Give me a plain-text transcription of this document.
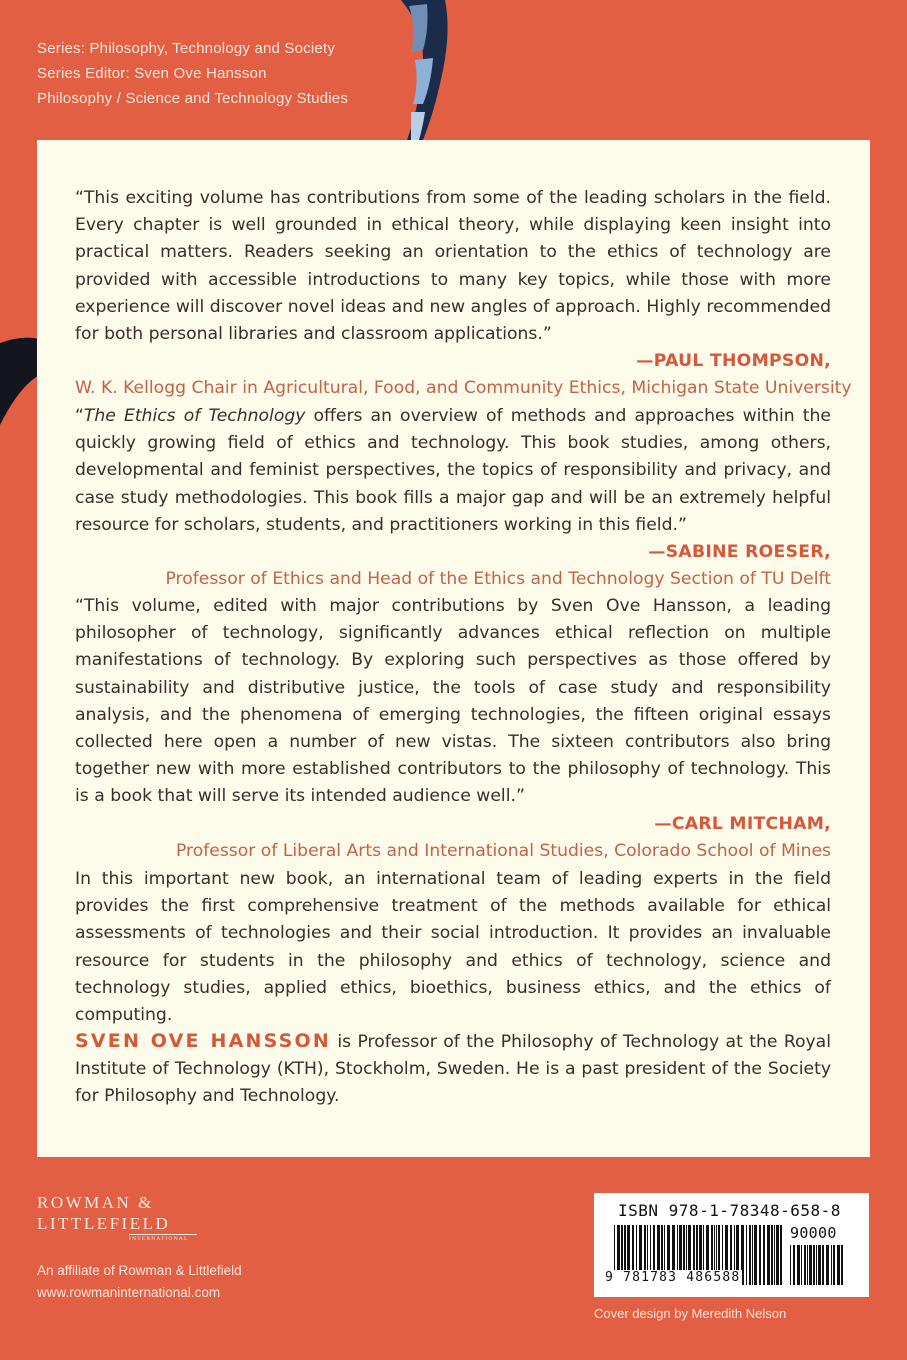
Series: Philosophy, Technology and Society
Series Editor: Sven Ove Hansson
Philosophy / Science and Technology Studies
“This exciting volume has contributions from some of the leading scholars in the field. Every chapter is well grounded in ethical theory, while displaying keen insight into practical matters. Readers seeking an orientation to the ethics of technology are provided with accessible introductions to many key topics, while those with more experience will discover novel ideas and new angles of approach. Highly recommended for both personal libraries and classroom applications.”
—PAUL THOMPSON,
W. K. Kellogg Chair in Agricultural, Food, and Community Ethics, Michigan State University
“The Ethics of Technology offers an overview of methods and approaches within the quickly growing field of ethics and technology. This book studies, among others, developmental and feminist perspectives, the topics of responsibility and privacy, and case study methodologies. This book fills a major gap and will be an extremely helpful resource for scholars, students, and practitioners working in this field.”
—SABINE ROESER,
Professor of Ethics and Head of the Ethics and Technology Section of TU Delft
“This volume, edited with major contributions by Sven Ove Hansson, a leading philosopher of technology, significantly advances ethical reflection on multiple manifestations of technology. By exploring such perspectives as those offered by sustainability and distributive justice, the tools of case study and responsibility analysis, and the phenomena of emerging technologies, the fifteen original essays collected here open a number of new vistas. The sixteen contributors also bring together new with more established contributors to the philosophy of technology. This is a book that will serve its intended audience well.”
—CARL MITCHAM,
Professor of Liberal Arts and International Studies, Colorado School of Mines
In this important new book, an international team of leading experts in the field provides the first comprehensive treatment of the methods available for ethical assessments of technologies and their social introduction. It provides an invaluable resource for students in the philosophy and ethics of technology, science and technology studies, applied ethics, bioethics, business ethics, and the ethics of computing.
SVEN OVE HANSSON is Professor of the Philosophy of Technology at the Royal Institute of Technology (KTH), Stockholm, Sweden. He is a past president of the Society for Philosophy and Technology.
ROWMAN &
LITTLEFIELD
INTERNATIONAL
An affiliate of Rowman & Littlefield
www.rowmaninternational.com
ISBN 978-1-78348-658-8
90000
9 781783 486588
Cover design by Meredith Nelson
